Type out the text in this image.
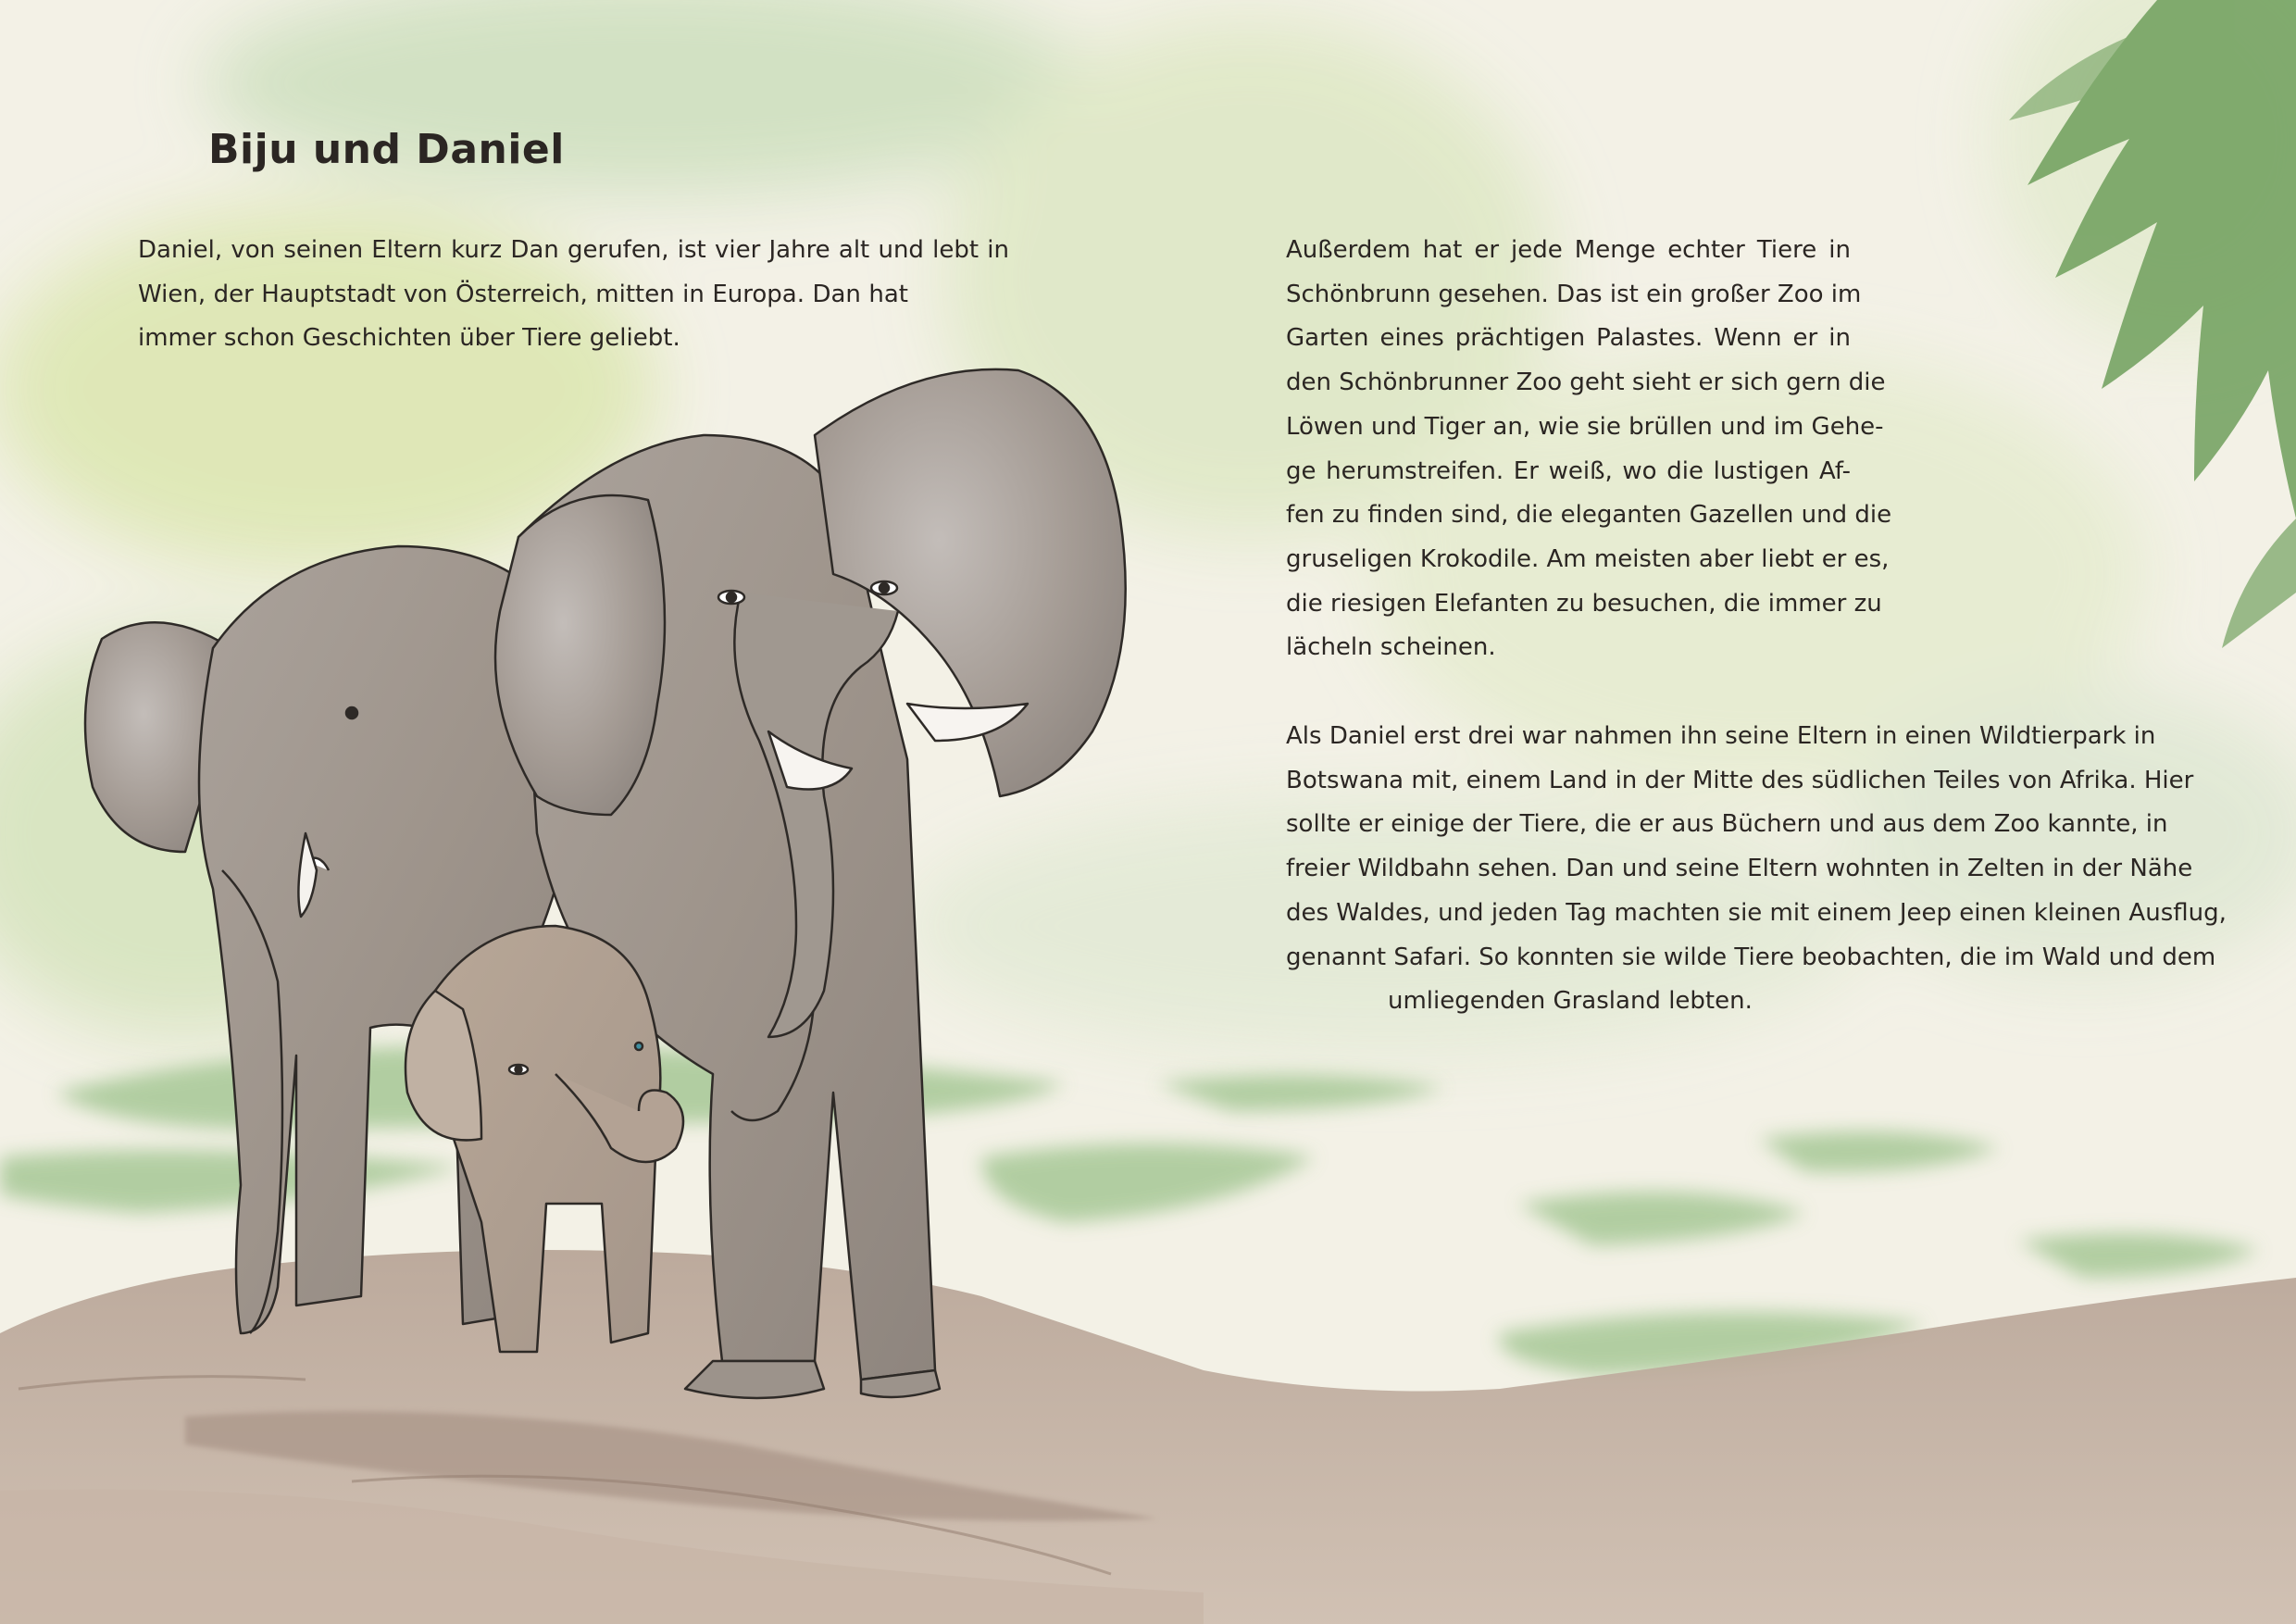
Biju und Daniel
Daniel, von seinen Eltern kurz Dan gerufen, ist vier Jahre alt und lebt in
Wien, der Hauptstadt von Österreich, mitten in Europa. Dan hat
immer schon Geschichten über Tiere geliebt.
Außerdem hat er jede Menge echter Tiere in
Schönbrunn gesehen. Das ist ein großer Zoo im
Garten eines prächtigen Palastes. Wenn er in
den Schönbrunner Zoo geht sieht er sich gern die
Löwen und Tiger an, wie sie brüllen und im Gehe-
ge herumstreifen. Er weiß, wo die lustigen Af-
fen zu finden sind, die eleganten Gazellen und die
gruseligen Krokodile. Am meisten aber liebt er es,
die riesigen Elefanten zu besuchen, die immer zu
lächeln scheinen.
Als Daniel erst drei war nahmen ihn seine Eltern in einen Wildtierpark in
Botswana mit, einem Land in der Mitte des südlichen Teiles von Afrika. Hier
sollte er einige der Tiere, die er aus Büchern und aus dem Zoo kannte, in
freier Wildbahn sehen. Dan und seine Eltern wohnten in Zelten in der Nähe
des Waldes, und jeden Tag machten sie mit einem Jeep einen kleinen Ausflug,
genannt Safari. So konnten sie wilde Tiere beobachten, die im Wald und dem
umliegenden Grasland lebten.
